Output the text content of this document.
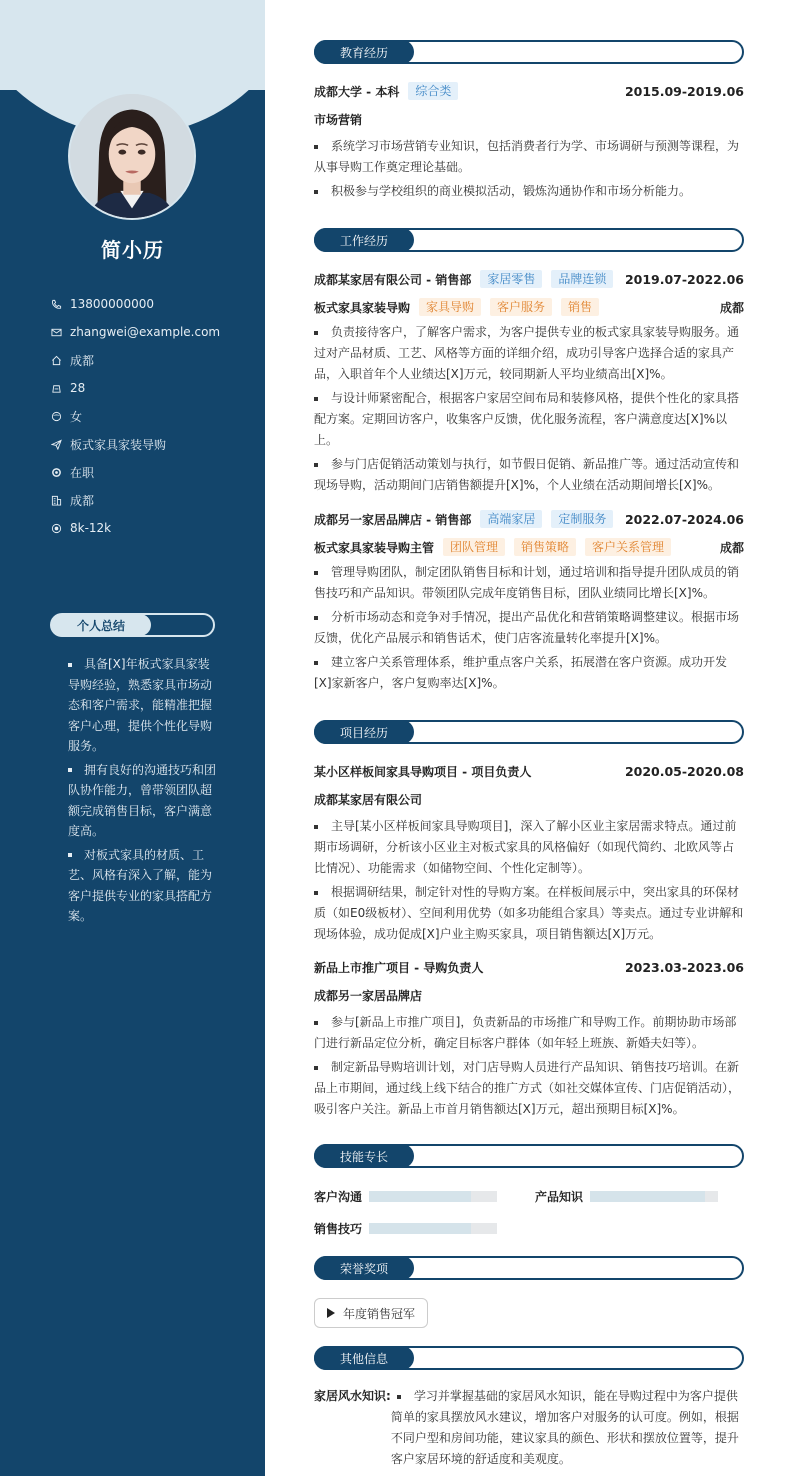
简小历
13800000000
zhangwei@example.com
成都
28
女
板式家具家装导购
在职
成都
8k-12k
个人总结
具备[X]年板式家具家装导购经验，熟悉家具市场动态和客户需求，能精准把握客户心理，提供个性化导购服务。
拥有良好的沟通技巧和团队协作能力，曾带领团队超额完成销售目标，客户满意度高。
对板式家具的材质、工艺、风格有深入了解，能为客户提供专业的家具搭配方案。
教育经历
成都大学 - 本科	综合类	2015.09-2019.06
市场营销
系统学习市场营销专业知识，包括消费者行为学、市场调研与预测等课程，为从事导购工作奠定理论基础。
积极参与学校组织的商业模拟活动，锻炼沟通协作和市场分析能力。
工作经历
成都某家居有限公司 - 销售部	家居零售	品牌连锁	2019.07-2022.06
板式家具家装导购	家具导购	客户服务	销售	成都
负责接待客户，了解客户需求，为客户提供专业的板式家具家装导购服务。通过对产品材质、工艺、风格等方面的详细介绍，成功引导客户选择合适的家具产品，入职首年个人业绩达[X]万元，较同期新人平均业绩高出[X]%。
与设计师紧密配合，根据客户家居空间布局和装修风格，提供个性化的家具搭配方案。定期回访客户，收集客户反馈，优化服务流程，客户满意度达[X]%以上。
参与门店促销活动策划与执行，如节假日促销、新品推广等。通过活动宣传和现场导购，活动期间门店销售额提升[X]%，个人业绩在活动期间增长[X]%。
成都另一家居品牌店 - 销售部	高端家居	定制服务	2022.07-2024.06
板式家具家装导购主管	团队管理	销售策略	客户关系管理	成都
管理导购团队，制定团队销售目标和计划，通过培训和指导提升团队成员的销售技巧和产品知识。带领团队完成年度销售目标，团队业绩同比增长[X]%。
分析市场动态和竞争对手情况，提出产品优化和营销策略调整建议。根据市场反馈，优化产品展示和销售话术，使门店客流量转化率提升[X]%。
建立客户关系管理体系，维护重点客户关系，拓展潜在客户资源。成功开发[X]家新客户，客户复购率达[X]%。
项目经历
某小区样板间家具导购项目 - 项目负责人	2020.05-2020.08
成都某家居有限公司
主导[某小区样板间家具导购项目]，深入了解小区业主家居需求特点。通过前期市场调研，分析该小区业主对板式家具的风格偏好（如现代简约、北欧风等占比情况）、功能需求（如储物空间、个性化定制等）。
根据调研结果，制定针对性的导购方案。在样板间展示中，突出家具的环保材质（如E0级板材）、空间利用优势（如多功能组合家具）等卖点。通过专业讲解和现场体验，成功促成[X]户业主购买家具，项目销售额达[X]万元。
新品上市推广项目 - 导购负责人	2023.03-2023.06
成都另一家居品牌店
参与[新品上市推广项目]，负责新品的市场推广和导购工作。前期协助市场部门进行新品定位分析，确定目标客户群体（如年轻上班族、新婚夫妇等）。
制定新品导购培训计划，对门店导购人员进行产品知识、销售技巧培训。在新品上市期间，通过线上线下结合的推广方式（如社交媒体宣传、门店促销活动），吸引客户关注。新品上市首月销售额达[X]万元，超出预期目标[X]%。
技能专长
客户沟通	产品知识
销售技巧
荣誉奖项
年度销售冠军
其他信息
家居风水知识:	学习并掌握基础的家居风水知识，能在导购过程中为客户提供简单的家具摆放风水建议，增加客户对服务的认可度。例如，根据不同户型和房间功能，建议家具的颜色、形状和摆放位置等，提升客户家居环境的舒适度和美观度。
